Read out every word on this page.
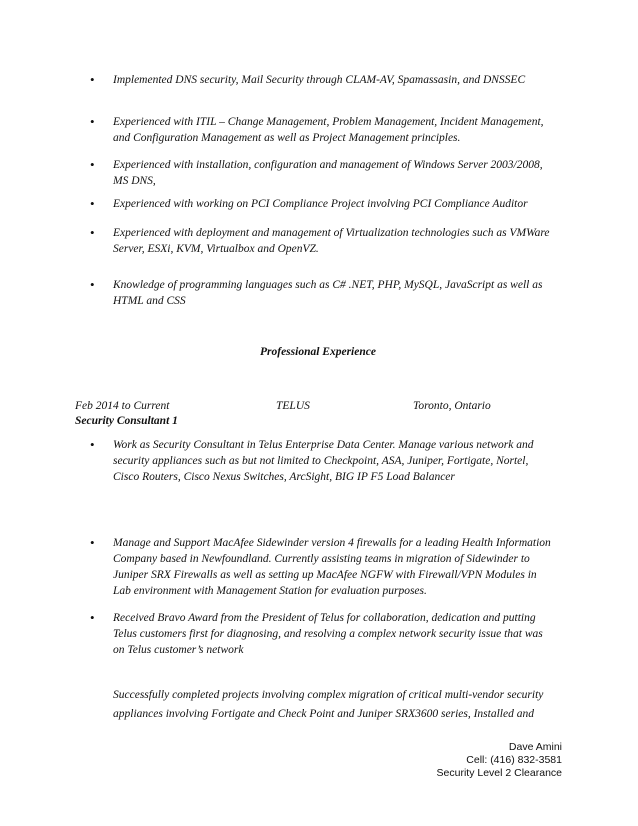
• Implemented DNS security, Mail Security through CLAM-AV, Spamassasin, and DNSSEC
• Experienced with ITIL – Change Management, Problem Management, Incident Management, and Configuration Management as well as Project Management principles.
• Experienced with installation, configuration and management of Windows Server 2003/2008, MS DNS,
• Experienced with working on PCI Compliance Project involving PCI Compliance Auditor
• Experienced with deployment and management of Virtualization technologies such as VMWare Server, ESXi, KVM, Virtualbox and OpenVZ.
• Knowledge of programming languages such as C# .NET, PHP, MySQL, JavaScript as well as HTML and CSS
Professional Experience
Feb 2014 to Current	TELUS	Toronto, Ontario
Security Consultant 1
• Work as Security Consultant in Telus Enterprise Data Center. Manage various network and security appliances such as but not limited to Checkpoint, ASA, Juniper, Fortigate, Nortel, Cisco Routers, Cisco Nexus Switches, ArcSight, BIG IP F5 Load Balancer
• Manage and Support MacAfee Sidewinder version 4 firewalls for a leading Health Information Company based in Newfoundland. Currently assisting teams in migration of Sidewinder to Juniper SRX Firewalls as well as setting up MacAfee NGFW with Firewall/VPN Modules in Lab environment with Management Station for evaluation purposes.
• Received Bravo Award from the President of Telus for collaboration, dedication and putting Telus customers first for diagnosing, and resolving a complex network security issue that was on Telus customer’s network
Successfully completed projects involving complex migration of critical multi-vendor security appliances involving Fortigate and Check Point and Juniper SRX3600 series, Installed and
Dave Amini
Cell: (416) 832-3581
Security Level 2 Clearance
